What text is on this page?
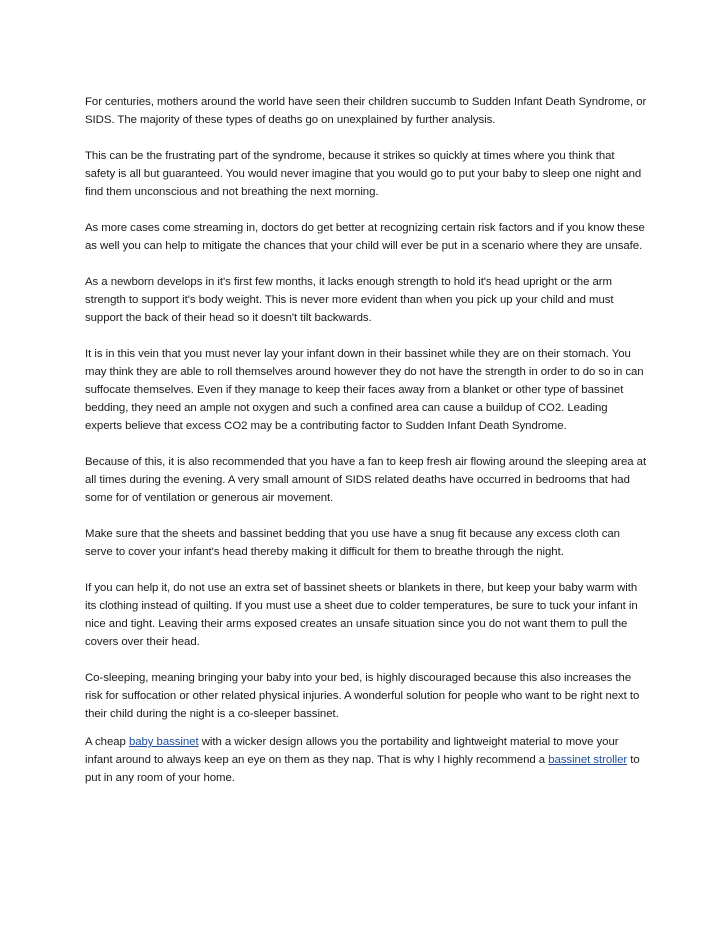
For centuries, mothers around the world have seen their children succumb to Sudden Infant Death Syndrome, or SIDS. The majority of these types of deaths go on unexplained by further analysis.

This can be the frustrating part of the syndrome, because it strikes so quickly at times where you think that safety is all but guaranteed. You would never imagine that you would go to put your baby to sleep one night and find them unconscious and not breathing the next morning.

As more cases come streaming in, doctors do get better at recognizing certain risk factors and if you know these as well you can help to mitigate the chances that your child will ever be put in a scenario where they are unsafe.

As a newborn develops in it's first few months, it lacks enough strength to hold it's head upright or the arm strength to support it's body weight. This is never more evident than when you pick up your child and must support the back of their head so it doesn't tilt backwards.

It is in this vein that you must never lay your infant down in their bassinet while they are on their stomach. You may think they are able to roll themselves around however they do not have the strength in order to do so in can suffocate themselves. Even if they manage to keep their faces away from a blanket or other type of bassinet bedding, they need an ample not oxygen and such a confined area can cause a buildup of CO2. Leading experts believe that excess CO2 may be a contributing factor to Sudden Infant Death Syndrome.

Because of this, it is also recommended that you have a fan to keep fresh air flowing around the sleeping area at all times during the evening. A very small amount of SIDS related deaths have occurred in bedrooms that had some for of ventilation or generous air movement.

Make sure that the sheets and bassinet bedding that you use have a snug fit because any excess cloth can serve to cover your infant's head thereby making it difficult for them to breathe through the night.

If you can help it, do not use an extra set of bassinet sheets or blankets in there, but keep your baby warm with its clothing instead of quilting. If you must use a sheet due to colder temperatures, be sure to tuck your infant in nice and tight. Leaving their arms exposed creates an unsafe situation since you do not want them to pull the covers over their head.

Co-sleeping, meaning bringing your baby into your bed, is highly discouraged because this also increases the risk for suffocation or other related physical injuries. A wonderful solution for people who want to be right next to their child during the night is a co-sleeper bassinet.

A cheap baby bassinet with a wicker design allows you the portability and lightweight material to move your infant around to always keep an eye on them as they nap. That is why I highly recommend a bassinet stroller to put in any room of your home.
